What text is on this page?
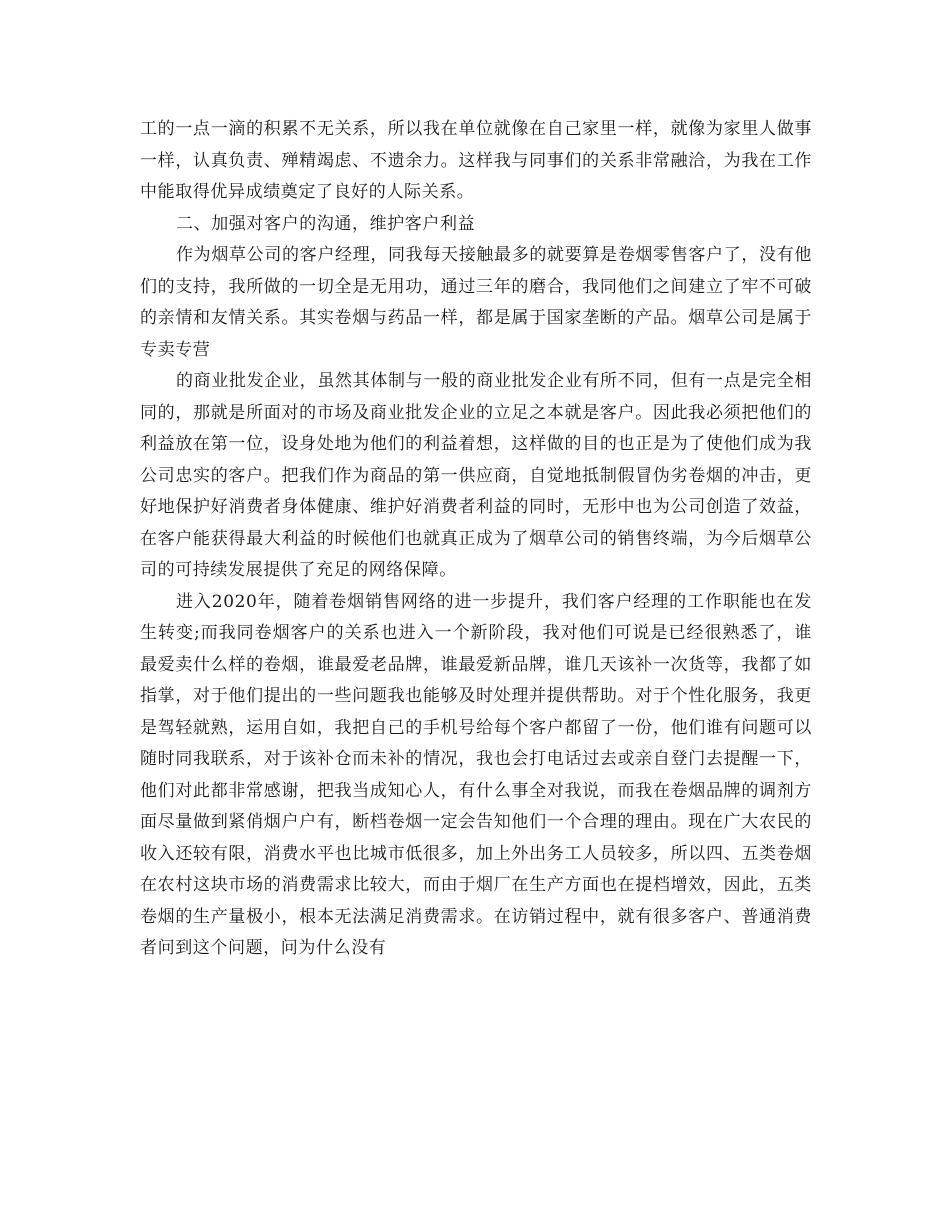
工的一点一滴的积累不无关系，所以我在单位就像在自己家里一样，就像为家里人做事一样，认真负责、殚精竭虑、不遗余力。这样我与同事们的关系非常融洽，为我在工作中能取得优异成绩奠定了良好的人际关系。

二、加强对客户的沟通，维护客户利益

作为烟草公司的客户经理，同我每天接触最多的就要算是卷烟零售客户了，没有他们的支持，我所做的一切全是无用功，通过三年的磨合，我同他们之间建立了牢不可破的亲情和友情关系。其实卷烟与药品一样，都是属于国家垄断的产品。烟草公司是属于专卖专营

的商业批发企业，虽然其体制与一般的商业批发企业有所不同，但有一点是完全相同的，那就是所面对的市场及商业批发企业的立足之本就是客户。因此我必须把他们的利益放在第一位，设身处地为他们的利益着想，这样做的目的也正是为了使他们成为我公司忠实的客户。把我们作为商品的第一供应商，自觉地抵制假冒伪劣卷烟的冲击，更好地保护好消费者身体健康、维护好消费者利益的同时，无形中也为公司创造了效益，在客户能获得最大利益的时候他们也就真正成为了烟草公司的销售终端，为今后烟草公司的可持续发展提供了充足的网络保障。

进入2020年，随着卷烟销售网络的进一步提升，我们客户经理的工作职能也在发生转变;而我同卷烟客户的关系也进入一个新阶段，我对他们可说是已经很熟悉了，谁最爱卖什么样的卷烟，谁最爱老品牌，谁最爱新品牌，谁几天该补一次货等，我都了如指掌，对于他们提出的一些问题我也能够及时处理并提供帮助。对于个性化服务，我更是驾轻就熟，运用自如，我把自己的手机号给每个客户都留了一份，他们谁有问题可以随时同我联系，对于该补仓而未补的情况，我也会打电话过去或亲自登门去提醒一下，他们对此都非常感谢，把我当成知心人，有什么事全对我说，而我在卷烟品牌的调剂方面尽量做到紧俏烟户户有，断档卷烟一定会告知他们一个合理的理由。现在广大农民的收入还较有限，消费水平也比城市低很多，加上外出务工人员较多，所以四、五类卷烟在农村这块市场的消费需求比较大，而由于烟厂在生产方面也在提档增效，因此，五类卷烟的生产量极小，根本无法满足消费需求。在访销过程中，就有很多客户、普通消费者问到这个问题，问为什么没有
